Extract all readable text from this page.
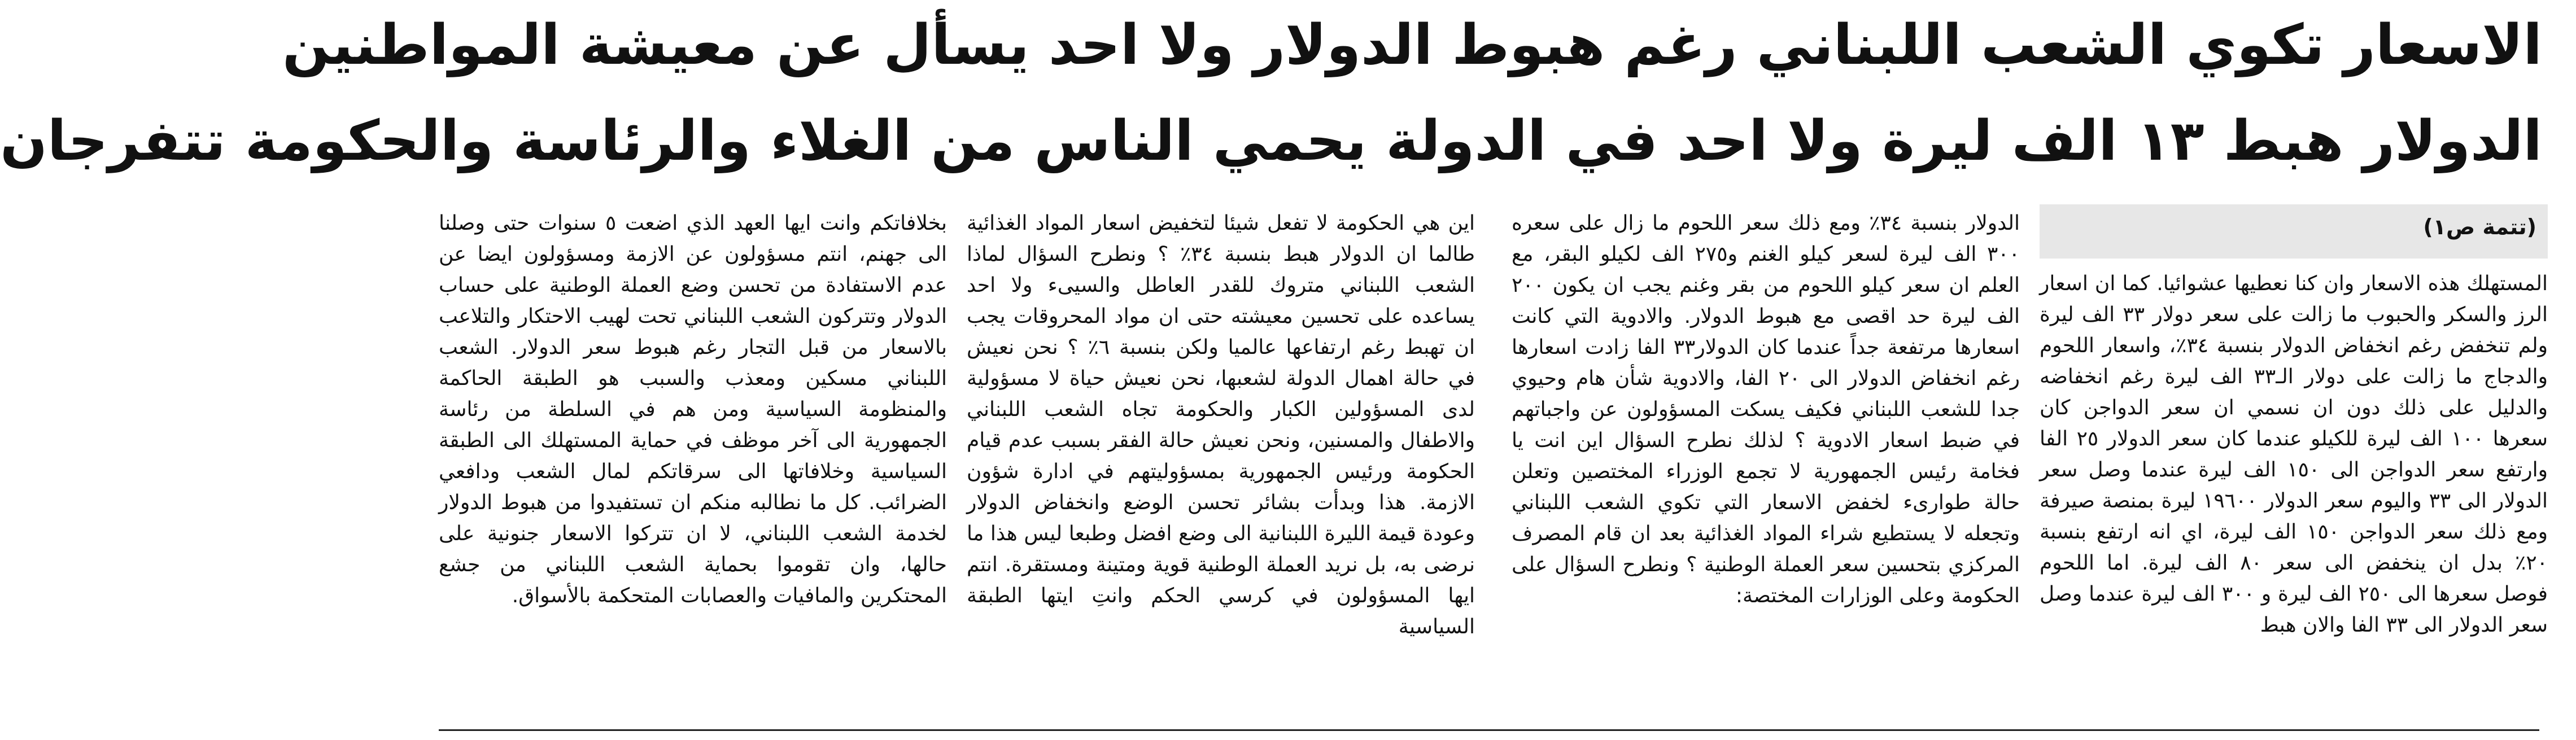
الاسعار تكوي الشعب اللبناني رغم هبوط الدولار ولا احد يسأل عن معيشة المواطنين
الدولار هبط ١٣ الف ليرة ولا احد في الدولة يحمي الناس من الغلاء والرئاسة والحكومة تتفرجان
(تتمة ص١)

المستهلك هذه الاسعار وان كنا نعطيها عشوائيا. كما ان اسعار الرز والسكر والحبوب ما زالت على سعر دولار ٣٣ الف ليرة ولم تنخفض رغم انخفاض الدولار بنسبة ٣٤٪، واسعار اللحوم والدجاج ما زالت على دولار الـ٣٣ الف ليرة رغم انخفاضه والدليل على ذلك دون ان نسمي ان سعر الدواجن كان سعرها ١٠٠ الف ليرة للكيلو عندما كان سعر الدولار ٢٥ الفا وارتفع سعر الدواجن الى ١٥٠ الف ليرة عندما وصل سعر الدولار الى ٣٣ واليوم سعر الدولار ١٩٦٠٠ ليرة بمنصة صيرفة ومع ذلك سعر الدواجن ١٥٠ الف ليرة، اي انه ارتفع بنسبة ٢٠٪ بدل ان ينخفض الى سعر ٨٠ الف ليرة. اما اللحوم فوصل سعرها الى ٢٥٠ الف ليرة و ٣٠٠ الف ليرة عندما وصل سعر الدولار الى ٣٣ الفا والان هبط

الدولار بنسبة ٣٤٪ ومع ذلك سعر اللحوم ما زال على سعره ٣٠٠ الف ليرة لسعر كيلو الغنم و٢٧٥ الف لكيلو البقر، مع العلم ان سعر كيلو اللحوم من بقر وغنم يجب ان يكون ٢٠٠ الف ليرة حد اقصى مع هبوط الدولار. والادوية التي كانت اسعارها مرتفعة جداً عندما كان الدولار٣٣ الفا زادت اسعارها رغم انخفاض الدولار الى ٢٠ الفا، والادوية شأن هام وحيوي جدا للشعب اللبناني فكيف يسكت المسؤولون عن واجباتهم في ضبط اسعار الادوية ؟ لذلك نطرح السؤال اين انت يا فخامة رئيس الجمهورية لا تجمع الوزراء المختصين وتعلن حالة طوارىء لخفض الاسعار التي تكوي الشعب اللبناني وتجعله لا يستطيع شراء المواد الغذائية بعد ان قام المصرف المركزي بتحسين سعر العملة الوطنية ؟ ونطرح السؤال على الحكومة وعلى الوزارات المختصة:

اين هي الحكومة لا تفعل شيئا لتخفيض اسعار المواد الغذائية طالما ان الدولار هبط بنسبة ٣٤٪ ؟ ونطرح السؤال لماذا الشعب اللبناني متروك للقدر العاطل والسيىء ولا احد يساعده على تحسين معيشته حتى ان مواد المحروقات يجب ان تهبط رغم ارتفاعها عالميا ولكن بنسبة ٦٪ ؟ نحن نعيش في حالة اهمال الدولة لشعبها، نحن نعيش حياة لا مسؤولية لدى المسؤولين الكبار والحكومة تجاه الشعب اللبناني والاطفال والمسنين، ونحن نعيش حالة الفقر بسبب عدم قيام الحكومة ورئيس الجمهورية بمسؤوليتهم في ادارة شؤون الازمة. هذا وبدأت بشائر تحسن الوضع وانخفاض الدولار وعودة قيمة الليرة اللبنانية الى وضع افضل وطبعا ليس هذا ما نرضى به، بل نريد العملة الوطنية قوية ومتينة ومستقرة. انتم ايها المسؤولون في كرسي الحكم وانتِ ايتها الطبقة السياسية

بخلافاتكم وانت ايها العهد الذي اضعت ٥ سنوات حتى وصلنا الى جهنم، انتم مسؤولون عن الازمة ومسؤولون ايضا عن عدم الاستفادة من تحسن وضع العملة الوطنية على حساب الدولار وتتركون الشعب اللبناني تحت لهيب الاحتكار والتلاعب بالاسعار من قبل التجار رغم هبوط سعر الدولار. الشعب اللبناني مسكين ومعذب والسبب هو الطبقة الحاكمة والمنظومة السياسية ومن هم في السلطة من رئاسة الجمهورية الى آخر موظف في حماية المستهلك الى الطبقة السياسية وخلافاتها الى سرقاتكم لمال الشعب ودافعي الضرائب. كل ما نطالبه منكم ان تستفيدوا من هبوط الدولار لخدمة الشعب اللبناني، لا ان تتركوا الاسعار جنونية على حالها، وان تقوموا بحماية الشعب اللبناني من جشع المحتكرين والمافيات والعصابات المتحكمة بالأسواق.
